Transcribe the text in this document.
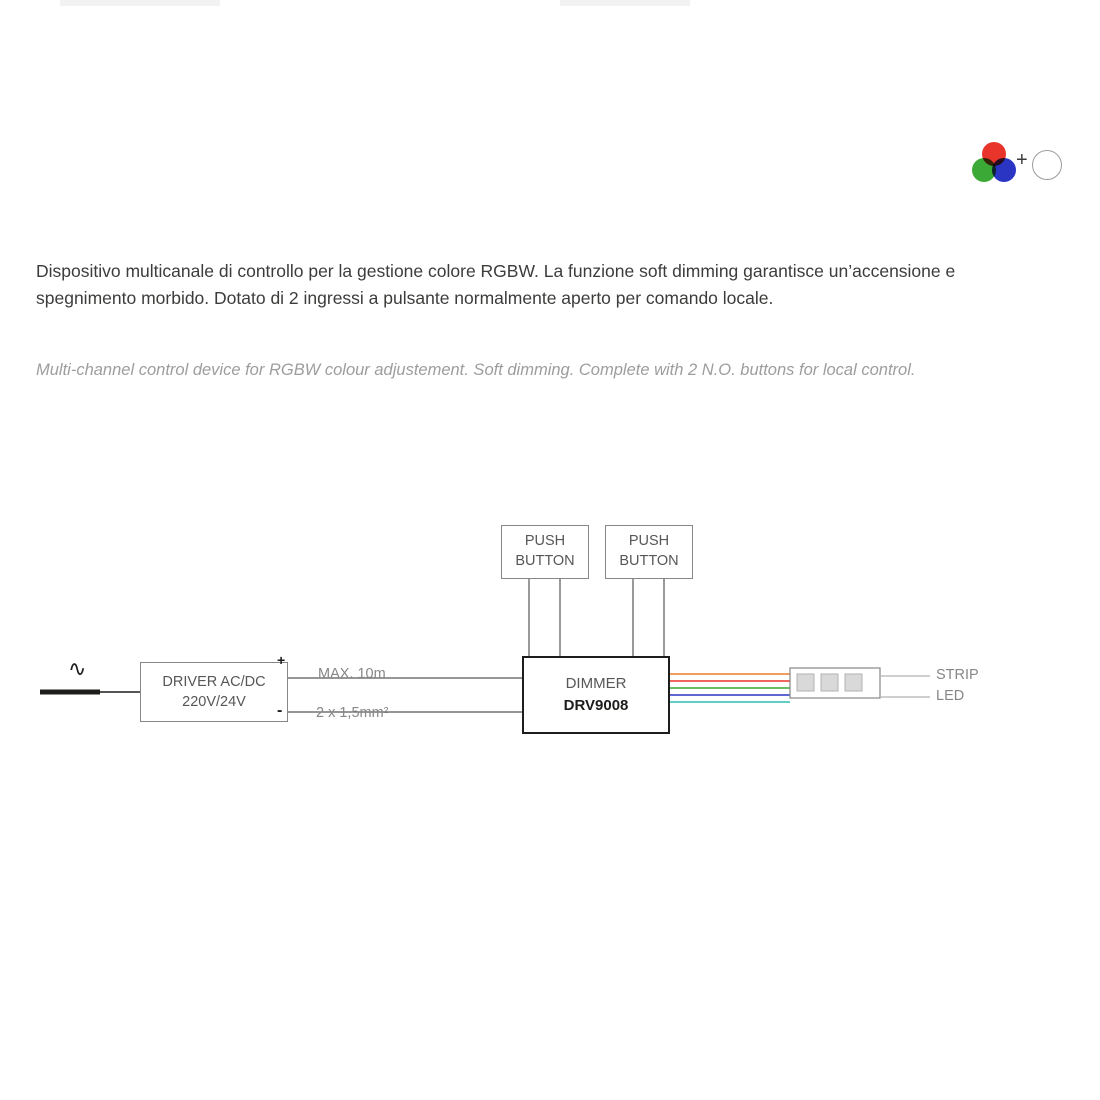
+

Dispositivo multicanale di controllo per la gestione colore RGBW. La funzione soft dimming garantisce un’accensione e spegnimento morbido. Dotato di 2 ingressi a pulsante normalmente aperto per comando locale.

Multi-channel control device for RGBW colour adjustement. Soft dimming. Complete with 2 N.O. buttons for local control.

∿
PUSH
BUTTON
PUSH
BUTTON
DRIVER AC/DC
220V/24V
DIMMER
DRV9008
MAX. 10m
2 x 1,5mm²
+
-
STRIP
LED
